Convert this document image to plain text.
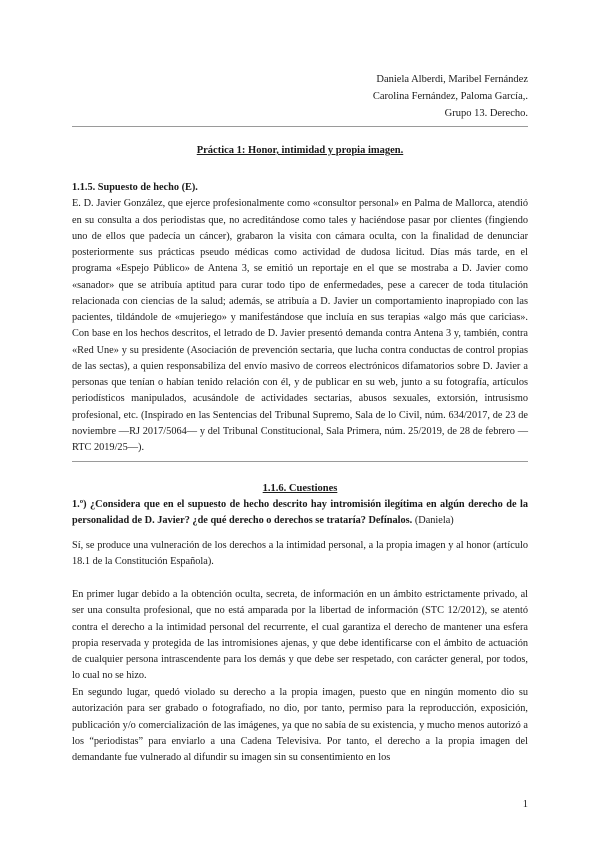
Daniela Alberdi, Maribel Fernández
Carolina Fernández, Paloma García,.
Grupo 13. Derecho.
Práctica 1: Honor, intimidad y propia imagen.
1.1.5. Supuesto de hecho (E).
E. D. Javier González, que ejerce profesionalmente como «consultor personal» en Palma de Mallorca, atendió en su consulta a dos periodistas que, no acreditándose como tales y haciéndose pasar por clientes (fingiendo uno de ellos que padecía un cáncer), grabaron la visita con cámara oculta, con la finalidad de denunciar posteriormente sus prácticas pseudo médicas como actividad de dudosa licitud. Días más tarde, en el programa «Espejo Público» de Antena 3, se emitió un reportaje en el que se mostraba a D. Javier como «sanador» que se atribuía aptitud para curar todo tipo de enfermedades, pese a carecer de toda titulación relacionada con ciencias de la salud; además, se atribuía a D. Javier un comportamiento inapropiado con las pacientes, tildándole de «mujeriego» y manifestándose que incluía en sus terapias «algo más que caricias». Con base en los hechos descritos, el letrado de D. Javier presentó demanda contra Antena 3 y, también, contra «Red Une» y su presidente (Asociación de prevención sectaria, que lucha contra conductas de control propias de las sectas), a quien responsabiliza del envío masivo de correos electrónicos difamatorios sobre D. Javier a personas que tenían o habían tenido relación con él, y de publicar en su web, junto a su fotografía, artículos periodísticos manipulados, acusándole de actividades sectarias, abusos sexuales, extorsión, intrusismo profesional, etc. (Inspirado en las Sentencias del Tribunal Supremo, Sala de lo Civil, núm. 634/2017, de 23 de noviembre —RJ 2017/5064— y del Tribunal Constitucional, Sala Primera, núm. 25/2019, de 28 de febrero —RTC 2019/25—).
1.1.6. Cuestiones
1.º) ¿Considera que en el supuesto de hecho descrito hay intromisión ilegítima en algún derecho de la personalidad de D. Javier? ¿de qué derecho o derechos se trataría? Defínalos. (Daniela)
Sí, se produce una vulneración de los derechos a la intimidad personal, a la propia imagen y al honor (artículo 18.1 de la Constitución Española).
En primer lugar debido a la obtención oculta, secreta, de información en un ámbito estrictamente privado, al ser una consulta profesional, que no está amparada por la libertad de información (STC 12/2012), se atentó contra el derecho a la intimidad personal del recurrente, el cual garantiza el derecho de mantener una esfera propia reservada y protegida de las intromisiones ajenas, y que debe identificarse con el ámbito de actuación de cualquier persona intrascendente para los demás y que debe ser respetado, con carácter general, por todos, lo cual no se hizo.
En segundo lugar, quedó violado su derecho a la propia imagen, puesto que en ningún momento dio su autorización para ser grabado o fotografiado, no dio, por tanto, permiso para la reproducción, exposición, publicación y/o comercialización de las imágenes, ya que no sabía de su existencia, y mucho menos autorizó a los “periodistas” para enviarlo a una Cadena Televisiva. Por tanto, el derecho a la propia imagen del demandante fue vulnerado al difundir su imagen sin su consentimiento en los
1
